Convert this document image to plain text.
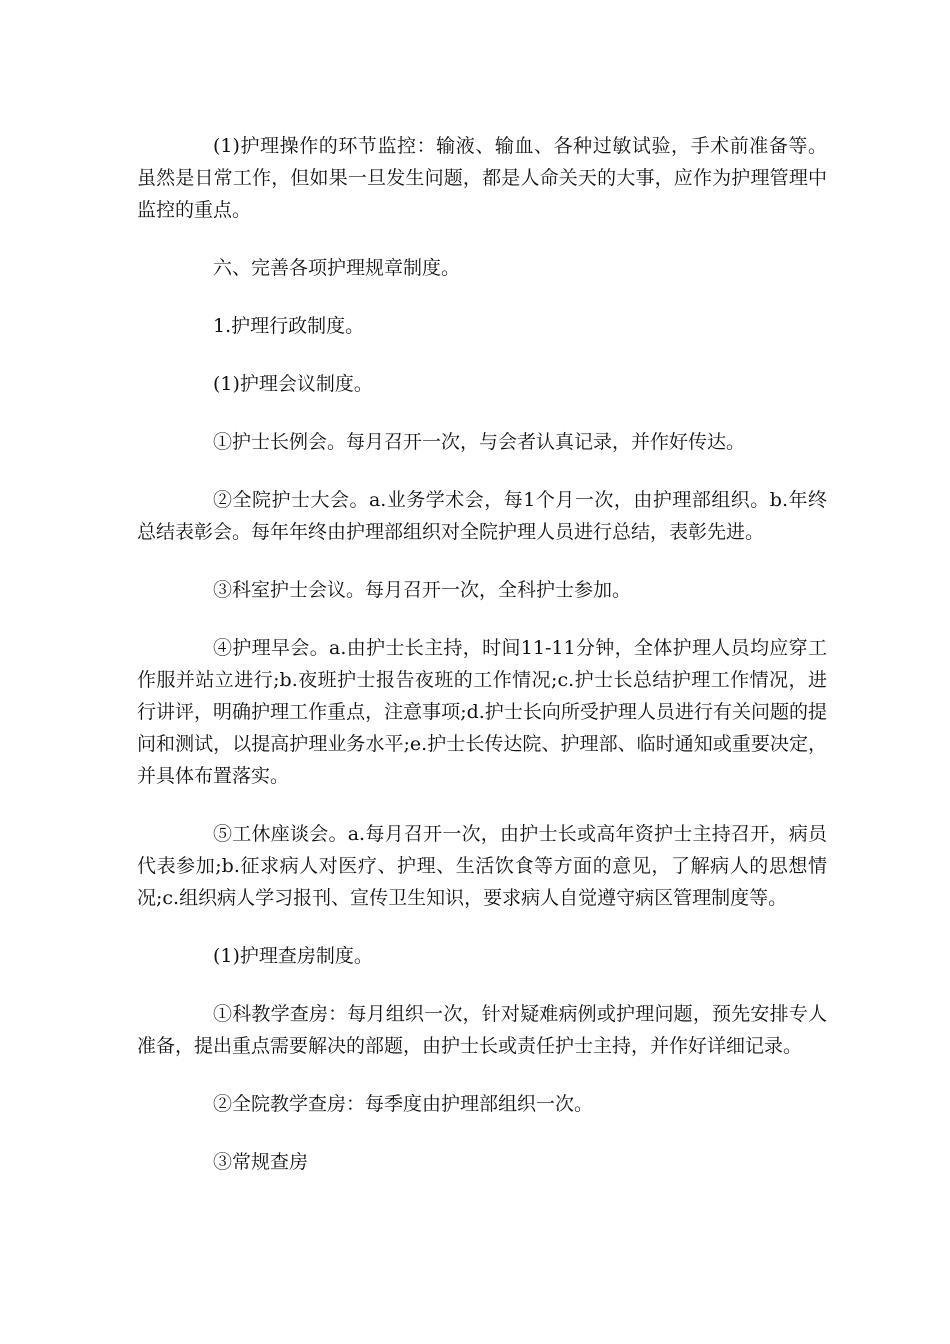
(1)护理操作的环节监控：输液、输血、各种过敏试验，手术前准备等。虽然是日常工作，但如果一旦发生问题，都是人命关天的大事，应作为护理管理中监控的重点。

六、完善各项护理规章制度。

1.护理行政制度。

(1)护理会议制度。

①护士长例会。每月召开一次，与会者认真记录，并作好传达。

②全院护士大会。a.业务学术会，每1个月一次，由护理部组织。b.年终总结表彰会。每年年终由护理部组织对全院护理人员进行总结，表彰先进。

③科室护士会议。每月召开一次，全科护士参加。

④护理早会。a.由护士长主持，时间11-11分钟，全体护理人员均应穿工作服并站立进行;b.夜班护士报告夜班的工作情况;c.护士长总结护理工作情况，进行讲评，明确护理工作重点，注意事项;d.护士长向所受护理人员进行有关问题的提问和测试，以提高护理业务水平;e.护士长传达院、护理部、临时通知或重要决定，并具体布置落实。

⑤工休座谈会。a.每月召开一次，由护士长或高年资护士主持召开，病员代表参加;b.征求病人对医疗、护理、生活饮食等方面的意见，了解病人的思想情况;c.组织病人学习报刊、宣传卫生知识，要求病人自觉遵守病区管理制度等。

(1)护理查房制度。

①科教学查房：每月组织一次，针对疑难病例或护理问题，预先安排专人准备，提出重点需要解决的部题，由护士长或责任护士主持，并作好详细记录。

②全院教学查房：每季度由护理部组织一次。

③常规查房
